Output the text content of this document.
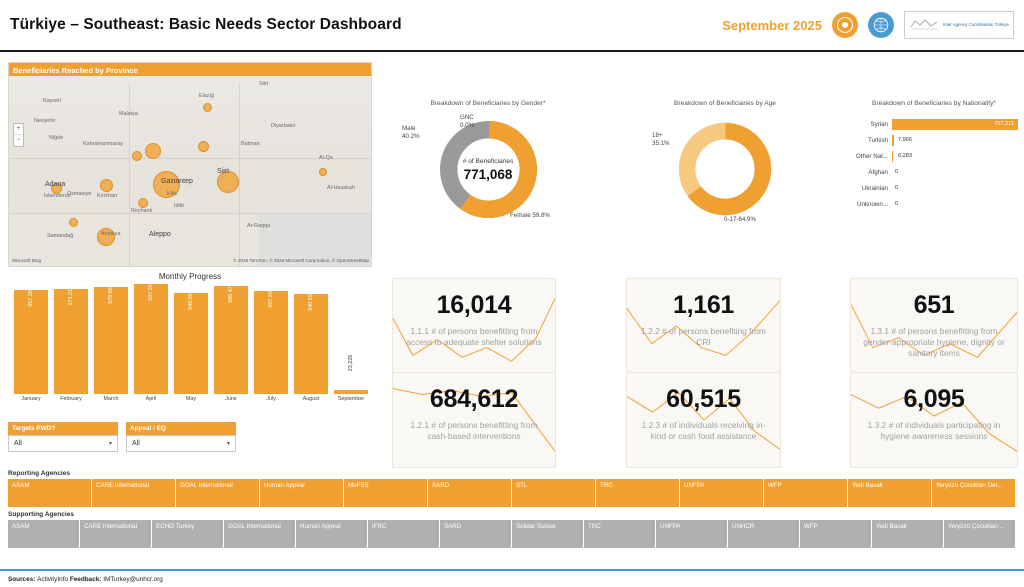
Türkiye – Southeast: Basic Needs Sector Dashboard	September 2025	Inter Agency Coordination Türkiye
Beneficiaries Reached by Province
+
−
Kayseri
Nevşehir
Niğde
Kahramanmaraş
Malatya
Elazığ
Siirt
Diyarbakır
Batman
Al-Qa
Al-Hasakah
Ar-Raqqa
Adana
Osmaniye
Gaziantep
Siirt
Kilis
Kırıkhan
İskenderun
Reyhanlı
Samandağ	Antakya	Aleppo
Idlib
Microsoft Bing	© 2025 TomTom, © 2025 Microsoft Corporation, © OpenStreetMap
Breakdown of Beneficiaries by Gender*
# of Beneficiaries
771,068
Male
40.2%
GNC
0.0%
Female 59.8%
Breakdown of Beneficiaries by Age
18+
35.1%
0-17-64.9%
Breakdown of Beneficiaries by Nationality*
Syrian	757,211
Turkish	7,966
Other Nat...	6,283
Afghan	0
Ukrainian	0
Unknown...	0
Monthly Progress
567,387	571,211	578,851	597,203	546,803	586,477	557,299	540,597
23,226
January	February	March	April	May	June	July	August	September
Targets PWD?
All	▾
Appeal / EQ
All	▾
16,014
1.1.1 # of persons benefitting from access to adequate shelter solutions
1,161
1.2.2 # of persons benefiting from CRI
651
1.3.1 # of persons benefitting from gender-appropriate hygiene, dignity or sanitary items
684,612
1.2.1 # of persons benefitting from cash-based interventions
60,515
1.2.3 # of individuals receiving in-kind or cash food assistance
6,095
1.3.2 # of individuals participating in hygiene awareness sessions
Reporting Agencies
ASAM	CARE International	GOAL International	Human Appeal	MoFSS	SARD	STL	TRC	UNFPA	WFP	Yedi Basak	Yeryüzü Çocukları Der...
Supporting Agencies
ASAM	CARE International	ECHO Turkey	GOAL International	Human Appeal	IFRC	SARD	Solidar Suisse	TRC	UNFPA	UNHCR	WFP	Yedi Basak	Yeryüzü Çocukları ...
Sources:
ActivityInfo
Feedback:
IMTurkey@unhcr.org
